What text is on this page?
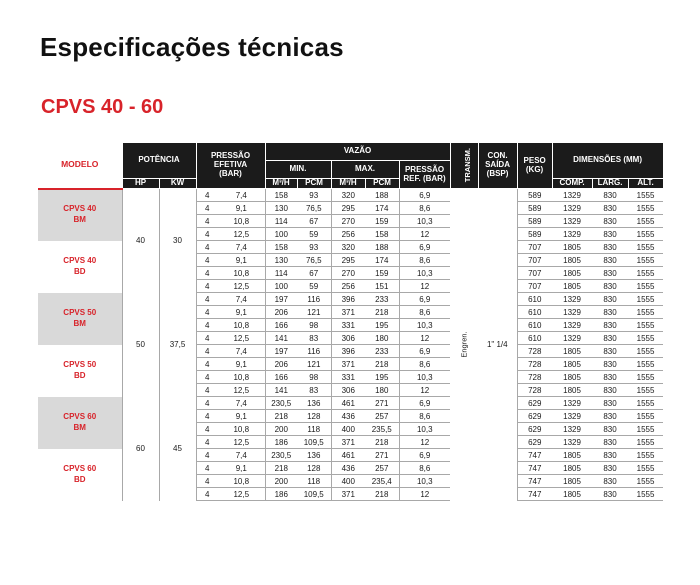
Especificações técnicas
CPVS 40 - 60
MODELO	POTÊNCIA		PRESSÃO EFETIVA (BAR)		VAZÃO					TRANSM.	CON. SAÍDA (BSP)	PESO (KG)	DIMENSÕES (MM)		
					MIN.		MAX.		PRESSÃO REF. (BAR)						

	HP	KW			M³/H	PCM	M³/H	PCM					COMP.	LARG.	ALT.

CPVS 40
BM	40	30	4	7,4	158	93	320	188	6,9	Engren.	1" 1/4	589	1329	830	1555
			4	9,1	130	76,5	295	174	8,6			589	1329	830	1555
			4	10,8	114	67	270	159	10,3			589	1329	830	1555
			4	12,5	100	59	256	158	12			589	1329	830	1555

CPVS 40
BD			4	7,4	158	93	320	188	6,9			707	1805	830	1555
			4	9,1	130	76,5	295	174	8,6			707	1805	830	1555
			4	10,8	114	67	270	159	10,3			707	1805	830	1555
			4	12,5	100	59	256	151	12			707	1805	830	1555

CPVS 50
BM	50	37,5	4	7,4	197	116	396	233	6,9			610	1329	830	1555
			4	9,1	206	121	371	218	8,6			610	1329	830	1555
			4	10,8	166	98	331	195	10,3			610	1329	830	1555
			4	12,5	141	83	306	180	12			610	1329	830	1555

CPVS 50
BD			4	7,4	197	116	396	233	6,9			728	1805	830	1555
			4	9,1	206	121	371	218	8,6			728	1805	830	1555
			4	10,8	166	98	331	195	10,3			728	1805	830	1555
			4	12,5	141	83	306	180	12			728	1805	830	1555

CPVS 60
BM	60	45	4	7,4	230,5	136	461	271	6,9			629	1329	830	1555
			4	9,1	218	128	436	257	8,6			629	1329	830	1555
			4	10,8	200	118	400	235,5	10,3			629	1329	830	1555
			4	12,5	186	109,5	371	218	12			629	1329	830	1555

CPVS 60
BD			4	7,4	230,5	136	461	271	6,9			747	1805	830	1555
			4	9,1	218	128	436	257	8,6			747	1805	830	1555
			4	10,8	200	118	400	235,4	10,3			747	1805	830	1555
			4	12,5	186	109,5	371	218	12			747	1805	830	1555
